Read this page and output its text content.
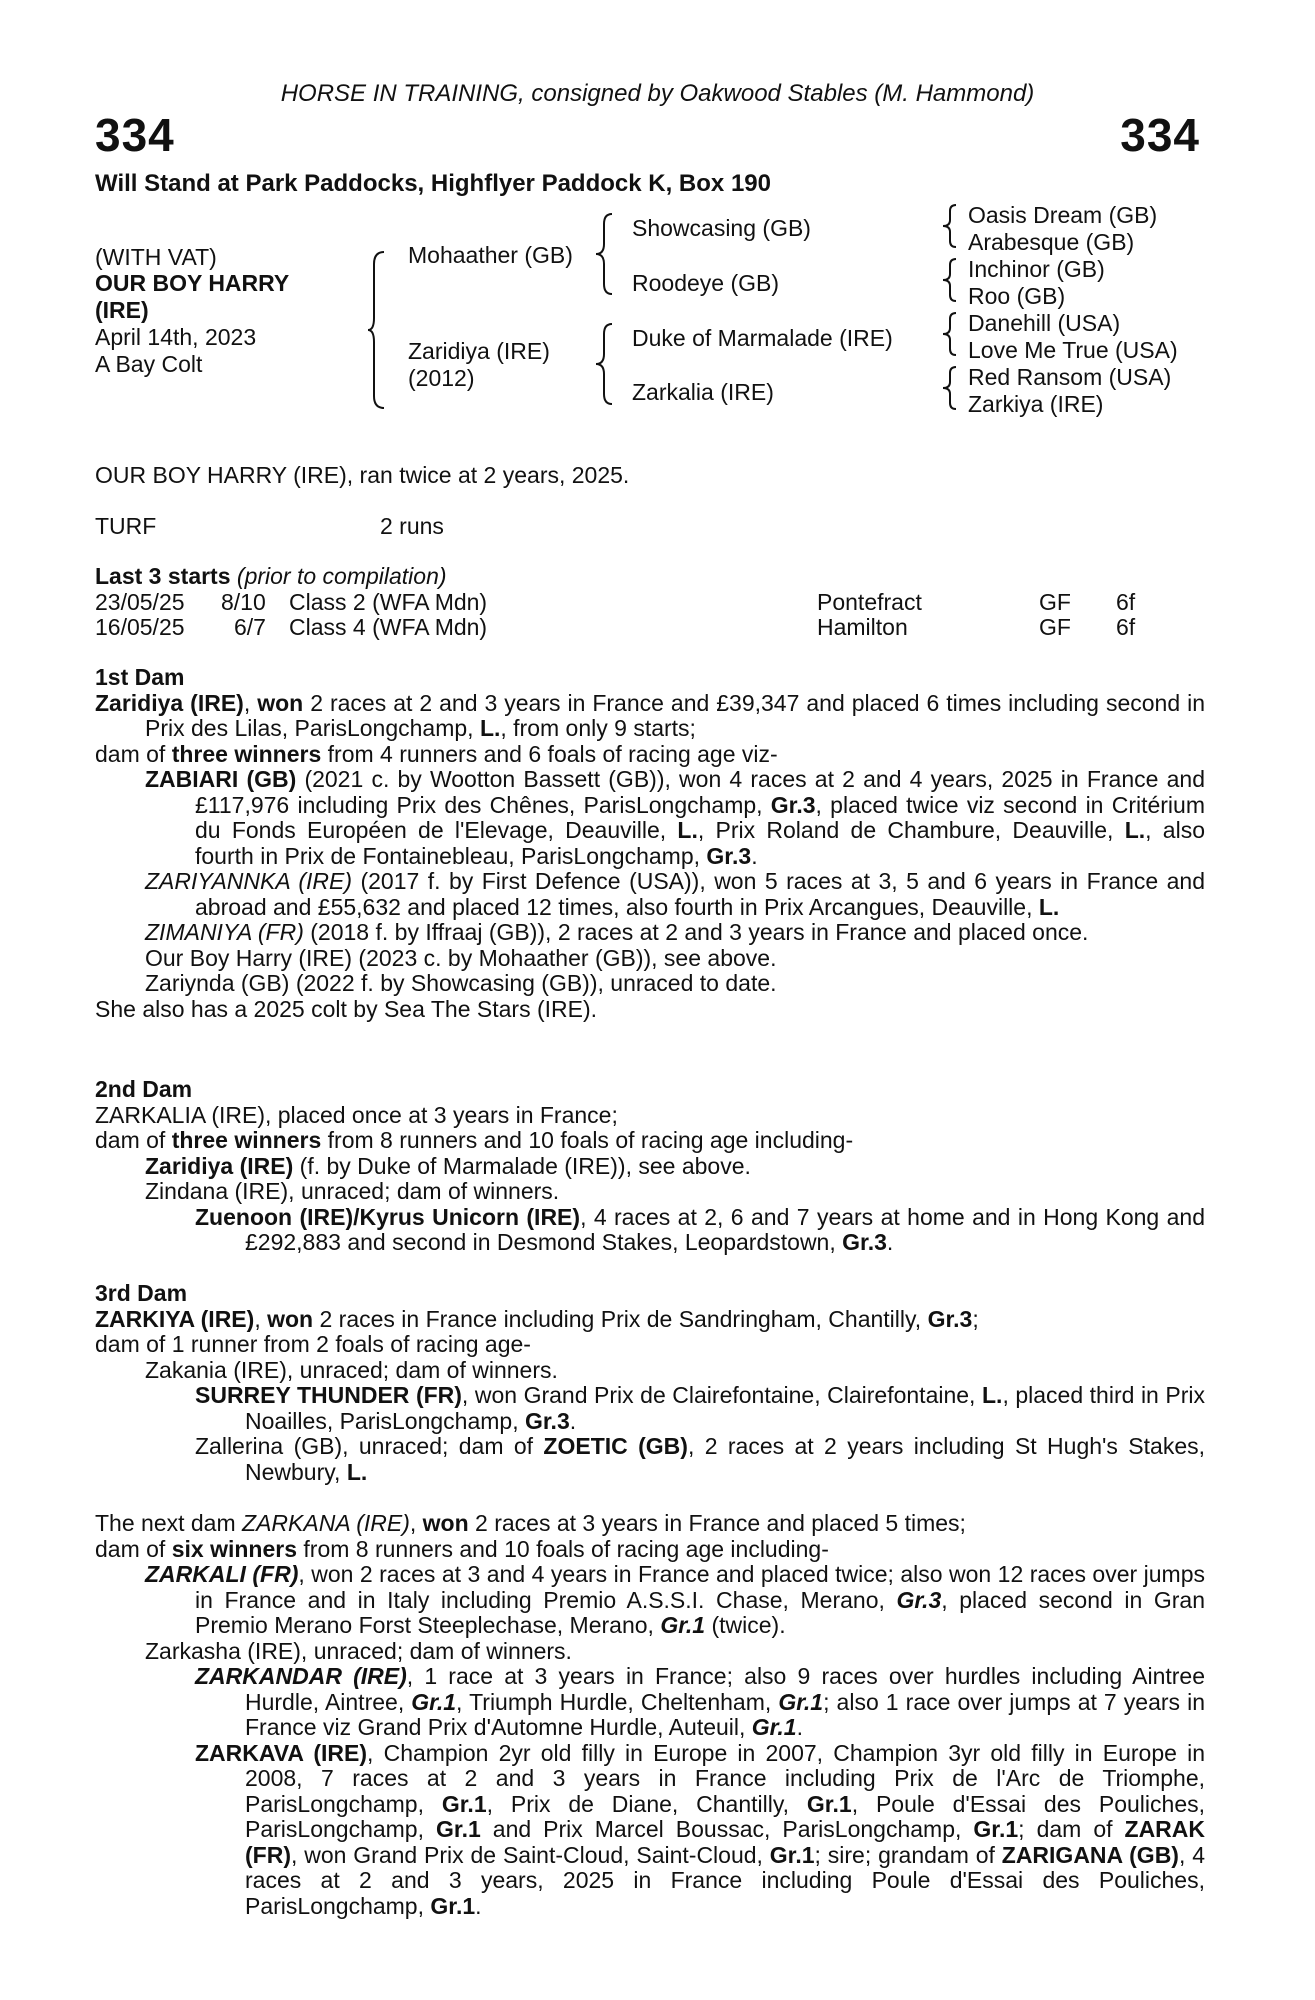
HORSE IN TRAINING, consigned by Oakwood Stables (M. Hammond)
334	334
Will Stand at Park Paddocks, Highflyer Paddock K, Box 190
(WITH VAT)
OUR BOY HARRY
(IRE)
April 14th, 2023
A Bay Colt
Mohaather (GB)
Zaridiya (IRE)
(2012)
Showcasing (GB)
Roodeye (GB)
Duke of Marmalade (IRE)
Zarkalia (IRE)
Oasis Dream (GB)
Arabesque (GB)
Inchinor (GB)
Roo (GB)
Danehill (USA)
Love Me True (USA)
Red Ransom (USA)
Zarkiya (IRE)
OUR BOY HARRY (IRE), ran twice at 2 years, 2025.
TURF	2 runs
Last 3 starts (prior to compilation)
23/05/25 8/10 Class 2 (WFA Mdn)	Pontefract	GF 6f
16/05/25 6/7 Class 4 (WFA Mdn)	Hamilton	GF 6f

1st Dam

Zaridiya (IRE), won 2 races at 2 and 3 years in France and £39,347 and placed 6 times including second in Prix des Lilas, ParisLongchamp, L., from only 9 starts;

dam of three winners from 4 runners and 6 foals of racing age viz-

ZABIARI (GB) (2021 c. by Wootton Bassett (GB)), won 4 races at 2 and 4 years, 2025 in France and £117,976 including Prix des Chênes, ParisLongchamp, Gr.3, placed twice viz second in Critérium du Fonds Européen de l'Elevage, Deauville, L., Prix Roland de Chambure, Deauville, L., also fourth in Prix de Fontainebleau, ParisLongchamp, Gr.3.

ZARIYANNKA (IRE) (2017 f. by First Defence (USA)), won 5 races at 3, 5 and 6 years in France and abroad and £55,632 and placed 12 times, also fourth in Prix Arcangues, Deauville, L.

ZIMANIYA (FR) (2018 f. by Iffraaj (GB)), 2 races at 2 and 3 years in France and placed once.

Our Boy Harry (IRE) (2023 c. by Mohaather (GB)), see above.

Zariynda (GB) (2022 f. by Showcasing (GB)), unraced to date.

She also has a 2025 colt by Sea The Stars (IRE).

2nd Dam

ZARKALIA (IRE), placed once at 3 years in France;

dam of three winners from 8 runners and 10 foals of racing age including-

Zaridiya (IRE) (f. by Duke of Marmalade (IRE)), see above.

Zindana (IRE), unraced; dam of winners.

Zuenoon (IRE)/Kyrus Unicorn (IRE), 4 races at 2, 6 and 7 years at home and in Hong Kong and £292,883 and second in Desmond Stakes, Leopardstown, Gr.3.

3rd Dam

ZARKIYA (IRE), won 2 races in France including Prix de Sandringham, Chantilly, Gr.3;

dam of 1 runner from 2 foals of racing age-

Zakania (IRE), unraced; dam of winners.

SURREY THUNDER (FR), won Grand Prix de Clairefontaine, Clairefontaine, L., placed third in Prix Noailles, ParisLongchamp, Gr.3.

Zallerina (GB), unraced; dam of ZOETIC (GB), 2 races at 2 years including St Hugh's Stakes, Newbury, L.

The next dam ZARKANA (IRE), won 2 races at 3 years in France and placed 5 times;

dam of six winners from 8 runners and 10 foals of racing age including-

ZARKALI (FR), won 2 races at 3 and 4 years in France and placed twice; also won 12 races over jumps in France and in Italy including Premio A.S.S.I. Chase, Merano, Gr.3, placed second in Gran Premio Merano Forst Steeplechase, Merano, Gr.1 (twice).

Zarkasha (IRE), unraced; dam of winners.

ZARKANDAR (IRE), 1 race at 3 years in France; also 9 races over hurdles including Aintree Hurdle, Aintree, Gr.1, Triumph Hurdle, Cheltenham, Gr.1; also 1 race over jumps at 7 years in France viz Grand Prix d'Automne Hurdle, Auteuil, Gr.1.

ZARKAVA (IRE), Champion 2yr old filly in Europe in 2007, Champion 3yr old filly in Europe in 2008, 7 races at 2 and 3 years in France including Prix de l'Arc de Triomphe, ParisLongchamp, Gr.1, Prix de Diane, Chantilly, Gr.1, Poule d'Essai des Pouliches, ParisLongchamp, Gr.1 and Prix Marcel Boussac, ParisLongchamp, Gr.1; dam of ZARAK (FR), won Grand Prix de Saint-Cloud, Saint-Cloud, Gr.1; sire; grandam of ZARIGANA (GB), 4 races at 2 and 3 years, 2025 in France including Poule d'Essai des Pouliches, ParisLongchamp, Gr.1.
